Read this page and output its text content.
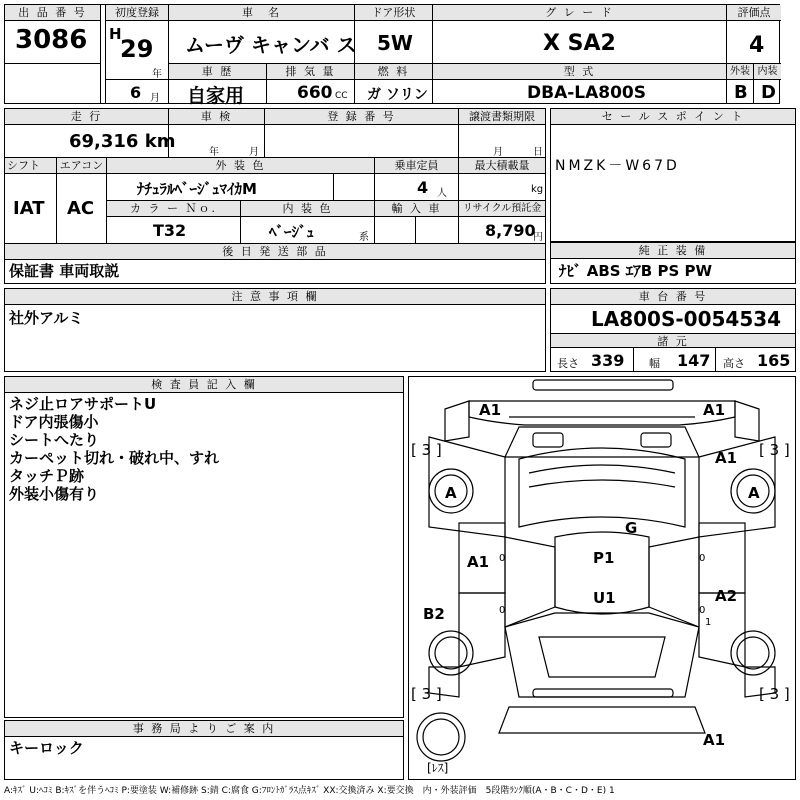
出 品 番 号
3086
初度登録
H
29
年
6 月
車　名
ムーヴ キャンバ ス
ドア形状
5W
グ レ ー ド
X SA2
評価点
4
車 歴
自家用
排 気 量
660 CC
燃 料
ガ ソリン
型 式
DBA-LA800S
外装
B
内装
D
走 行
69,316 km
車 検
年	月
登 録 番 号	譲渡書類期限
月	日
シフト
IAT
エアコン
AC
外 装 色
ﾅﾁｭﾗﾙﾍﾞｰｼﾞｭﾏｲｶM
乗車定員
4 人
最大積載量
kg
カ ラ ー Ｎｏ.
T32
内 装 色
ﾍﾞｰｼﾞｭ	系
輸 入 車	リサイクル預託金
8,790
円
後 日 発 送 部 品
保証書 車両取説
セ ー ル ス ポ イ ン ト
NMZK－W67D
純 正 装 備
ﾅﾋﾞ ABS ｴｱB PS PW
注 意 事 項 欄
社外アルミ
車 台 番 号
LA800S-0054534
諸 元
長さ 339 幅 147 高さ 165
検 査 員 記 入 欄
ネジ止ロアサポートU
ドア内張傷小
シートへたり
カーペット切れ・破れ中、すれ
タッチＰ跡
外装小傷有り
事 務 局 よ り ご 案 内
キーロック
A1	A1
[ 3 ]	[ 3 ]
A1
A	A
G
A1	P1
U1	A2
B2
[ 3 ]	[ 3 ]
A1
[ﾚｽ]
0	0
0	0
1
A:ｷｽﾞ U:ﾍｺﾐ B:ｷｽﾞを伴うﾍｺﾐ P:要塗装 W:補修跡 S:錆 C:腐食 G:ﾌﾛﾝﾄｶﾞﾗｽ点ｷｽﾞ XX:交換済み X:要交換　内・外装評価　5段階ﾗﾝｸ順(A・B・C・D・E) 1
